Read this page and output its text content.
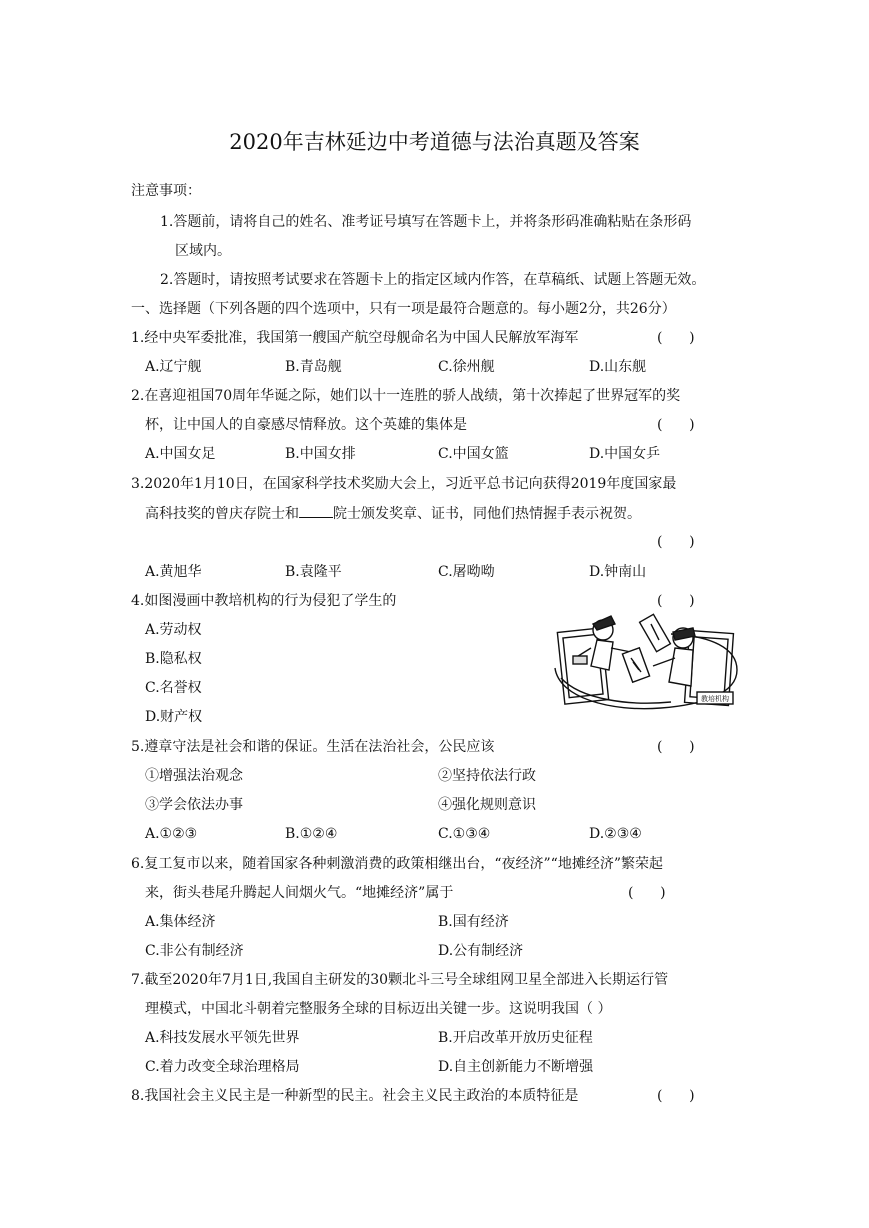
2020年吉林延边中考道德与法治真题及答案
注意事项：
1.答题前，请将自己的姓名、准考证号填写在答题卡上，并将条形码准确粘贴在条形码
区域内。
2.答题时，请按照考试要求在答题卡上的指定区域内作答，在草稿纸、试题上答题无效。
一、选择题（下列各题的四个选项中，只有一项是最符合题意的。每小题2分，共26分）
1.经中央军委批准，我国第一艘国产航空母舰命名为中国人民解放军海军	(      )
A.辽宁舰	B.青岛舰	C.徐州舰	D.山东舰
2.在喜迎祖国70周年华诞之际，她们以十一连胜的骄人战绩，第十次捧起了世界冠军的奖
杯，让中国人的自豪感尽情释放。这个英雄的集体是	(      )
A.中国女足	B.中国女排	C.中国女篮	D.中国女乒
3.2020年1月10日，在国家科学技术奖励大会上，习近平总书记向获得2019年度国家最
高科技奖的曾庆存院士和 院士颁发奖章、证书，同他们热情握手表示祝贺。
(      )
A.黄旭华	B.袁隆平	C.屠呦呦	D.钟南山
4.如图漫画中教培机构的行为侵犯了学生的	(      )
A.劳动权
B.隐私权
C.名誉权
D.财产权
教培机构
5.遵章守法是社会和谐的保证。生活在法治社会，公民应该	(      )
①增强法治观念	②坚持依法行政
③学会依法办事	④强化规则意识
A.①②③	B.①②④	C.①③④	D.②③④
6.复工复市以来，随着国家各种刺激消费的政策相继出台，“夜经济”“地摊经济”繁荣起
来，街头巷尾升腾起人间烟火气。“地摊经济”属于	(      )
A.集体经济	B.国有经济
C.非公有制经济	D.公有制经济
7.截至2020年7月1日,我国自主研发的30颗北斗三号全球组网卫星全部进入长期运行管
理模式，中国北斗朝着完整服务全球的目标迈出关键一步。这说明我国（ ）
A.科技发展水平领先世界	B.开启改革开放历史征程
C.着力改变全球治理格局	D.自主创新能力不断增强
8.我国社会主义民主是一种新型的民主。社会主义民主政治的本质特征是	(      )
